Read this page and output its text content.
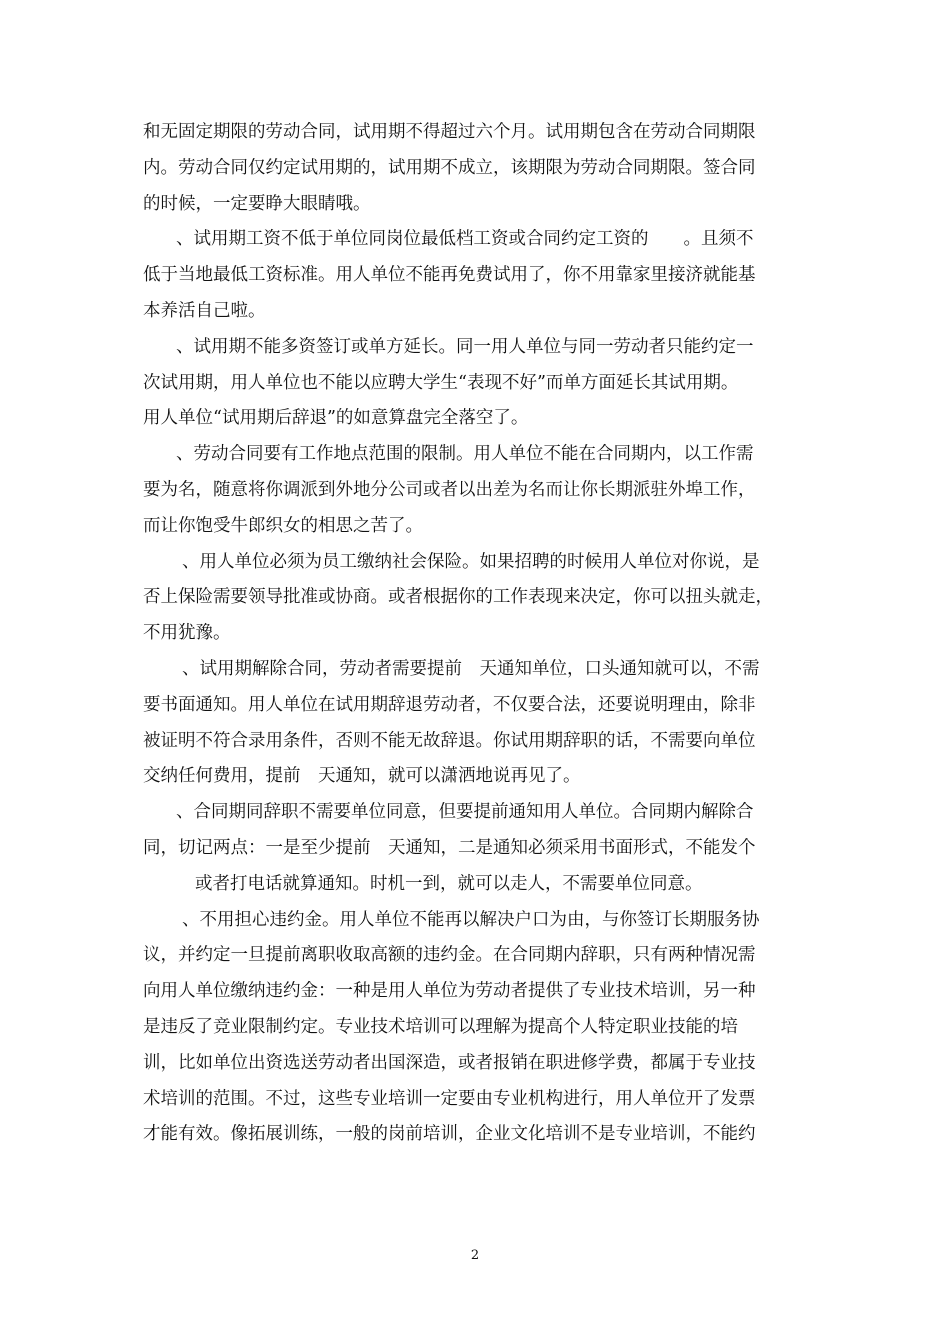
和无固定期限的劳动合同，试用期不得超过六个月。试用期包含在劳动合同期限
内。劳动合同仅约定试用期的，试用期不成立，该期限为劳动合同期限。签合同
的时候，一定要睁大眼睛哦。
、试用期工资不低于单位同岗位最低档工资或合同约定工资的　　。且须不
低于当地最低工资标准。用人单位不能再免费试用了，你不用靠家里接济就能基
本养活自己啦。
、试用期不能多资签订或单方延长。同一用人单位与同一劳动者只能约定一
次试用期，用人单位也不能以应聘大学生“表现不好”而单方面延长其试用期。
用人单位“试用期后辞退”的如意算盘完全落空了。
、劳动合同要有工作地点范围的限制。用人单位不能在合同期内，以工作需
要为名，随意将你调派到外地分公司或者以出差为名而让你长期派驻外埠工作，
而让你饱受牛郎织女的相思之苦了。
、用人单位必须为员工缴纳社会保险。如果招聘的时候用人单位对你说，是
否上保险需要领导批准或协商。或者根据你的工作表现来决定，你可以扭头就走，
不用犹豫。
、试用期解除合同，劳动者需要提前　天通知单位，口头通知就可以，不需
要书面通知。用人单位在试用期辞退劳动者，不仅要合法，还要说明理由，除非
被证明不符合录用条件，否则不能无故辞退。你试用期辞职的话，不需要向单位
交纳任何费用，提前　天通知，就可以潇洒地说再见了。
、合同期同辞职不需要单位同意，但要提前通知用人单位。合同期内解除合
同，切记两点：一是至少提前　天通知，二是通知必须采用书面形式，不能发个
或者打电话就算通知。时机一到，就可以走人，不需要单位同意。
、不用担心违约金。用人单位不能再以解决户口为由，与你签订长期服务协
议，并约定一旦提前离职收取高额的违约金。在合同期内辞职，只有两种情况需
向用人单位缴纳违约金：一种是用人单位为劳动者提供了专业技术培训，另一种
是违反了竞业限制约定。专业技术培训可以理解为提高个人特定职业技能的培
训，比如单位出资选送劳动者出国深造，或者报销在职进修学费，都属于专业技
术培训的范围。不过，这些专业培训一定要由专业机构进行，用人单位开了发票
才能有效。像拓展训练，一般的岗前培训，企业文化培训不是专业培训，不能约
2
